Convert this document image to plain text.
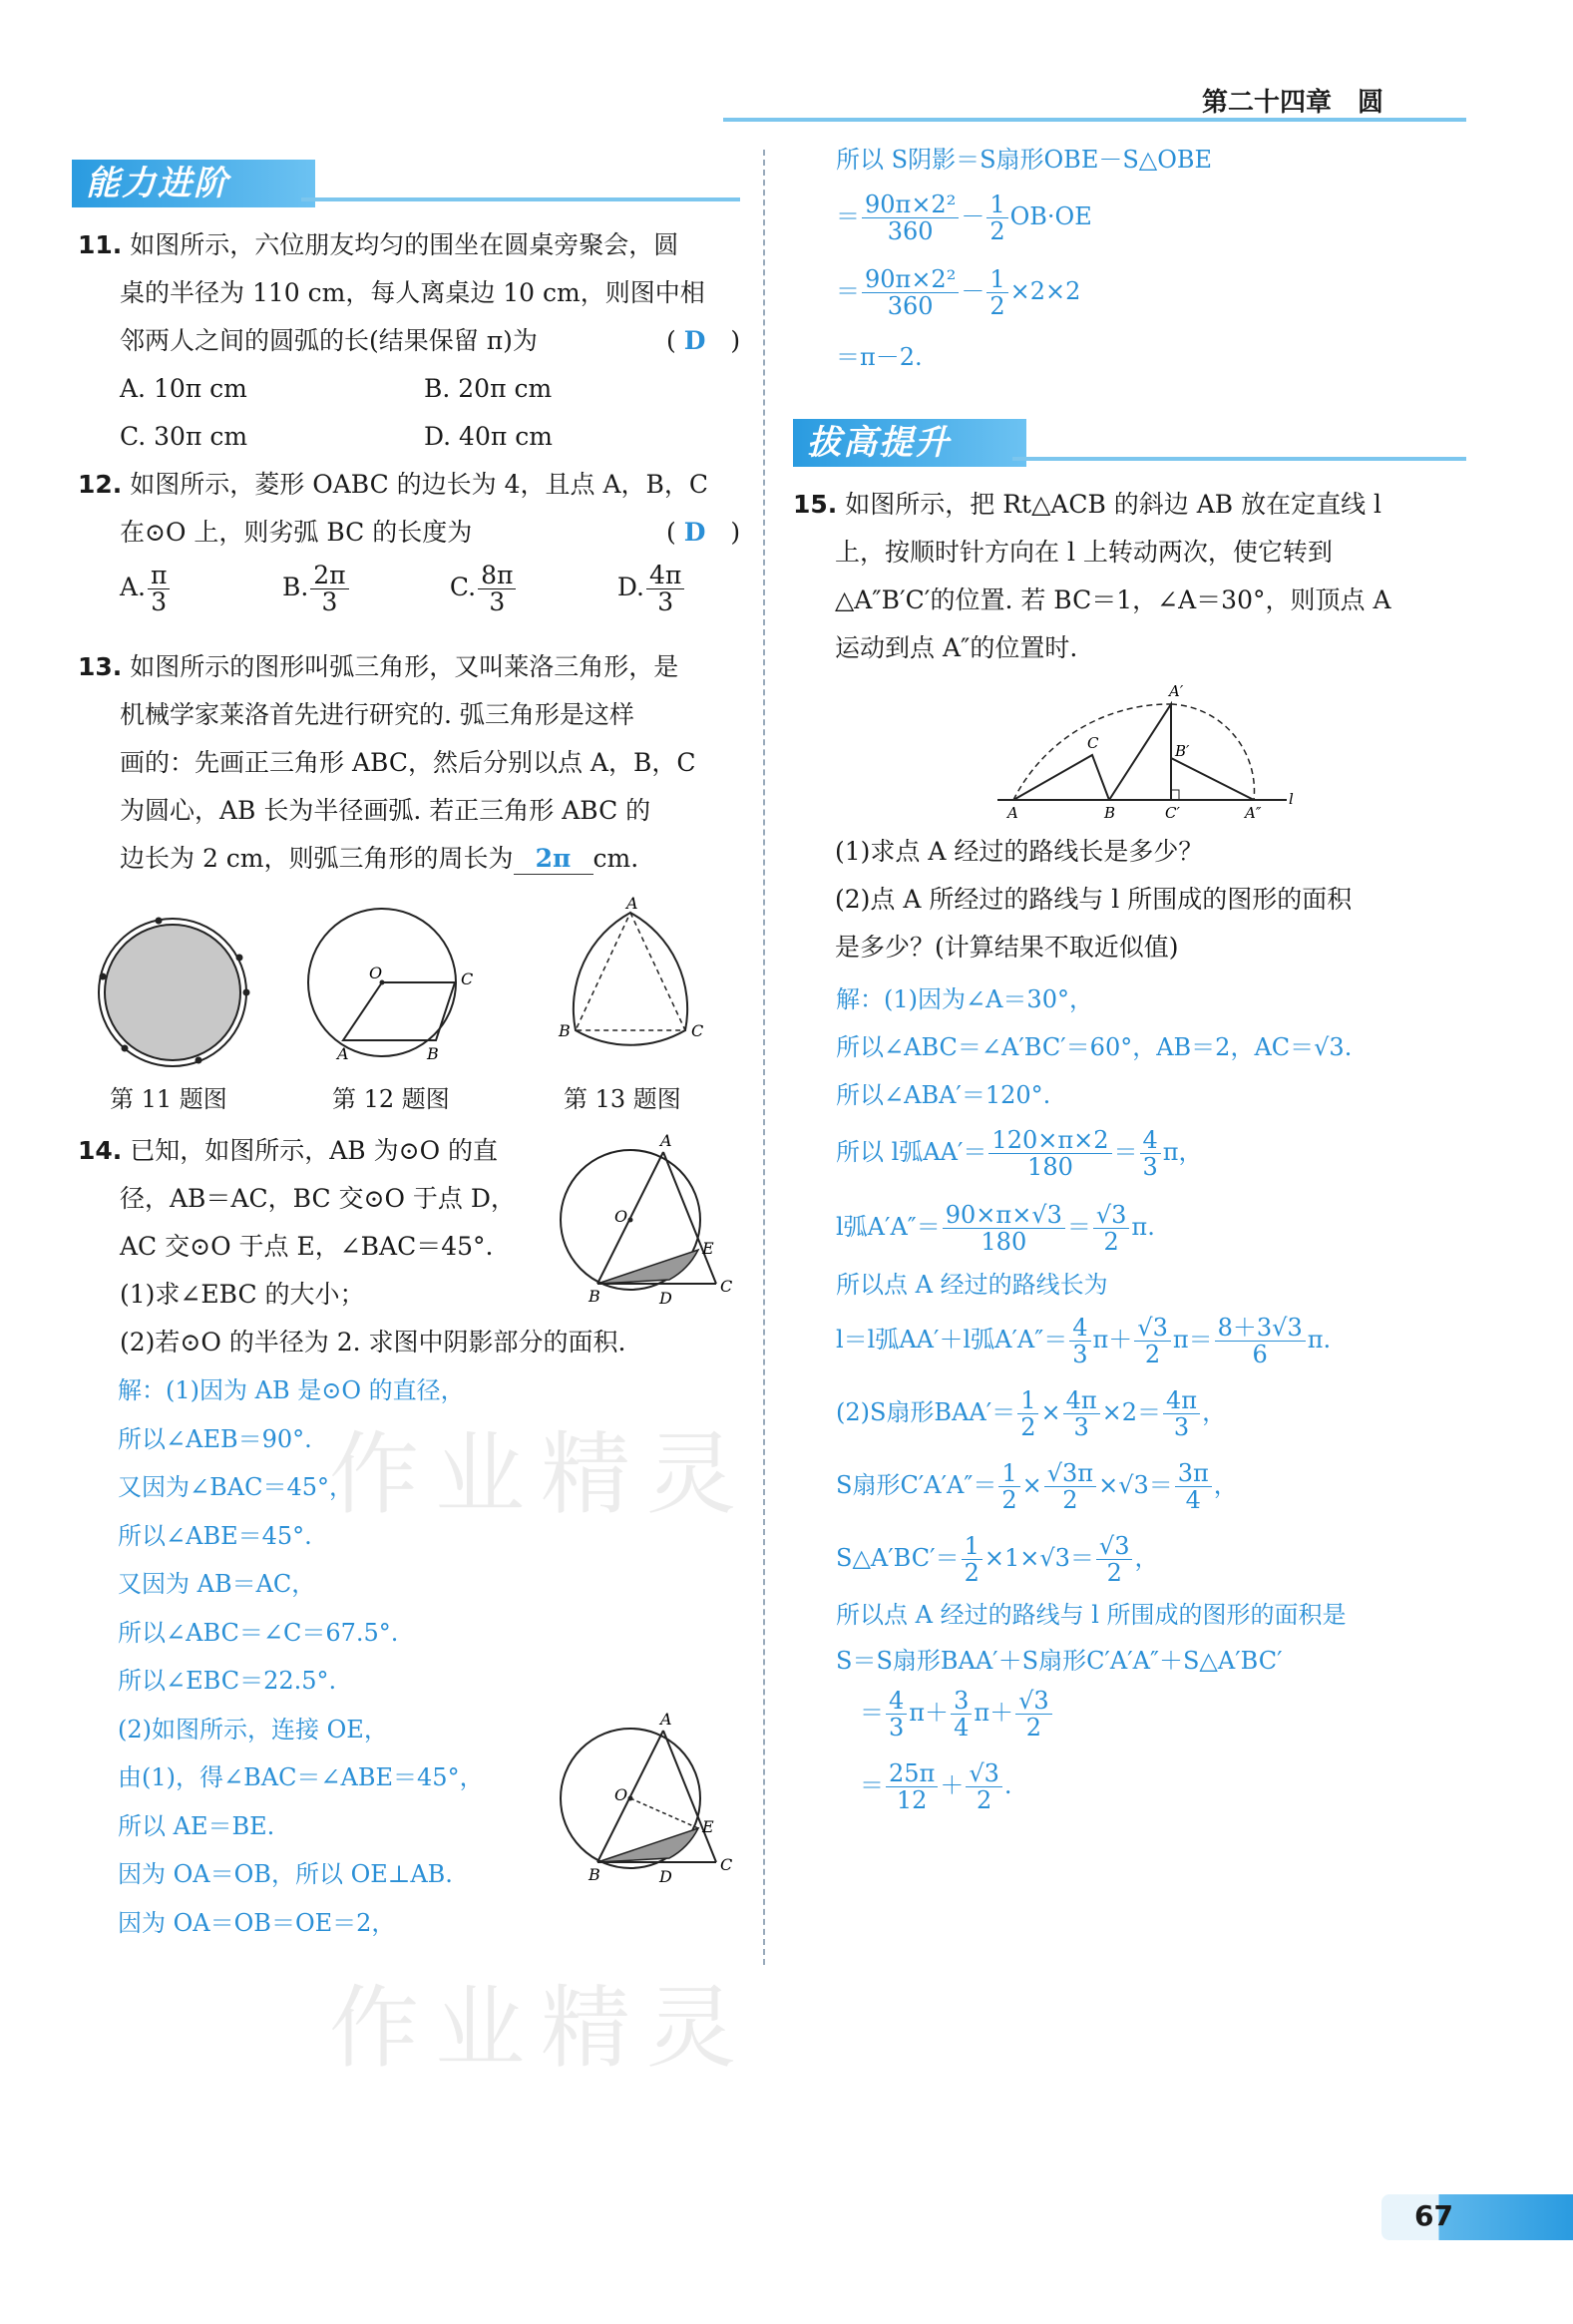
第二十四章　圆
能力进阶
拔高提升
11. 如图所示，六位朋友均匀的围坐在圆桌旁聚会，圆
桌的半径为 110 cm，每人离桌边 10 cm，则图中相
邻两人之间的圆弧的长(结果保留 π)为	( D　)
A. 10π cm	B. 20π cm
C. 30π cm	D. 40π cm
12. 如图所示，菱形 OABC 的边长为 4，且点 A，B，C
在⊙O 上，则劣弧 BC 的长度为	( D　)
A. $\frac{\pi}{3}$	B. $\frac{2\pi}{3}$	C. $\frac{8\pi}{3}$	D. $\frac{4\pi}{3}$
13. 如图所示的图形叫弧三角形，又叫莱洛三角形，是
机械学家莱洛首先进行研究的. 弧三角形是这样
画的：先画正三角形 ABC，然后分别以点 A，B，C
为圆心，AB 长为半径画弧. 若正三角形 ABC 的
边长为 2 cm，则弧三角形的周长为 2π cm.
第 11 题图
O	C
A	B
第 12 题图
A
B	C
第 13 题图
14. 已知，如图所示，AB 为⊙O 的直
径，AB＝AC，BC 交⊙O 于点 D，
AC 交⊙O 于点 E，∠BAC＝45°.
(1)求∠EBC 的大小；
(2)若⊙O 的半径为 2. 求图中阴影部分的面积.
O
A
E
B	D
C
解：(1)因为 AB 是⊙O 的直径，
所以∠AEB＝90°.
又因为∠BAC＝45°，
所以∠ABE＝45°.
又因为 AB＝AC，
所以∠ABC＝∠C＝67.5°.
所以∠EBC＝22.5°.
(2)如图所示，连接 OE，
由(1)，得∠BAC＝∠ABE＝45°，
所以 AE＝BE.
因为 OA＝OB，所以 OE⊥AB.
因为 OA＝OB＝OE＝2，
O
A
E
B	D
C
所以 S阴影＝S扇形OBE－S△OBE
＝ $\frac{\text{90π×2²}}{360} - \frac{1}{2} OB\cdot OE$
＝ $\frac{\text{90π×2²}}{360} - \frac{1}{2} \times 2\times 2$
＝π－2.
15. 如图所示，把 Rt△ACB 的斜边 AB 放在定直线 l
上，按顺时针方向在 l 上转动两次，使它转到
△A″B′C′的位置. 若 BC＝1，∠A＝30°，则顶点 A
运动到点 A″的位置时.
A	B
C
C′
A′
B′
A″
l
(1)求点 A 经过的路线长是多少？
(2)点 A 所经过的路线与 l 所围成的图形的面积
是多少？(计算结果不取近似值)
解：(1)因为∠A＝30°，
所以∠ABC＝∠A′BC′＝60°，AB＝2，AC＝√3.
所以∠ABA′＝120°.
所以 l弧$AA'= \frac{120\times\pi\times 2}{180} = \frac{4}{3}$ π，
l弧$A'A''= \frac{90\times\pi\times√3}{180} = \frac{√3}{2} \pi$.
所以点 A 经过的路线长为
l＝l弧AA′＋l弧$A'A''= \frac{4}{3} \pi+ \frac{√3}{2} \pi= \frac{8+3√3}{6} \pi$.
(2)S扇形$BAA'= \frac{1}{2} \times \frac{4\pi}{3} \times 2= \frac{4\pi}{3}$ ，
S扇形$C'A'A''= \frac{1}{2} \times \frac{√3\pi}{2} \times√3= \frac{3\pi}{4}$ ，
S△A′BC′＝ $\frac{1}{2} \times 1\times√3= \frac{√3}{2}$ ，
所以点 A 经过的路线与 l 所围成的图形的面积是
S＝S扇形BAA′＋S扇形C′A′A″＋S△A′BC′
＝ $\frac{4}{3} \pi+ \frac{3}{4} \pi+ \frac{√3}{2}$
＝ $\frac{25\pi}{12} + \frac{√3}{2}$ .
作业精灵
作业精灵
67
